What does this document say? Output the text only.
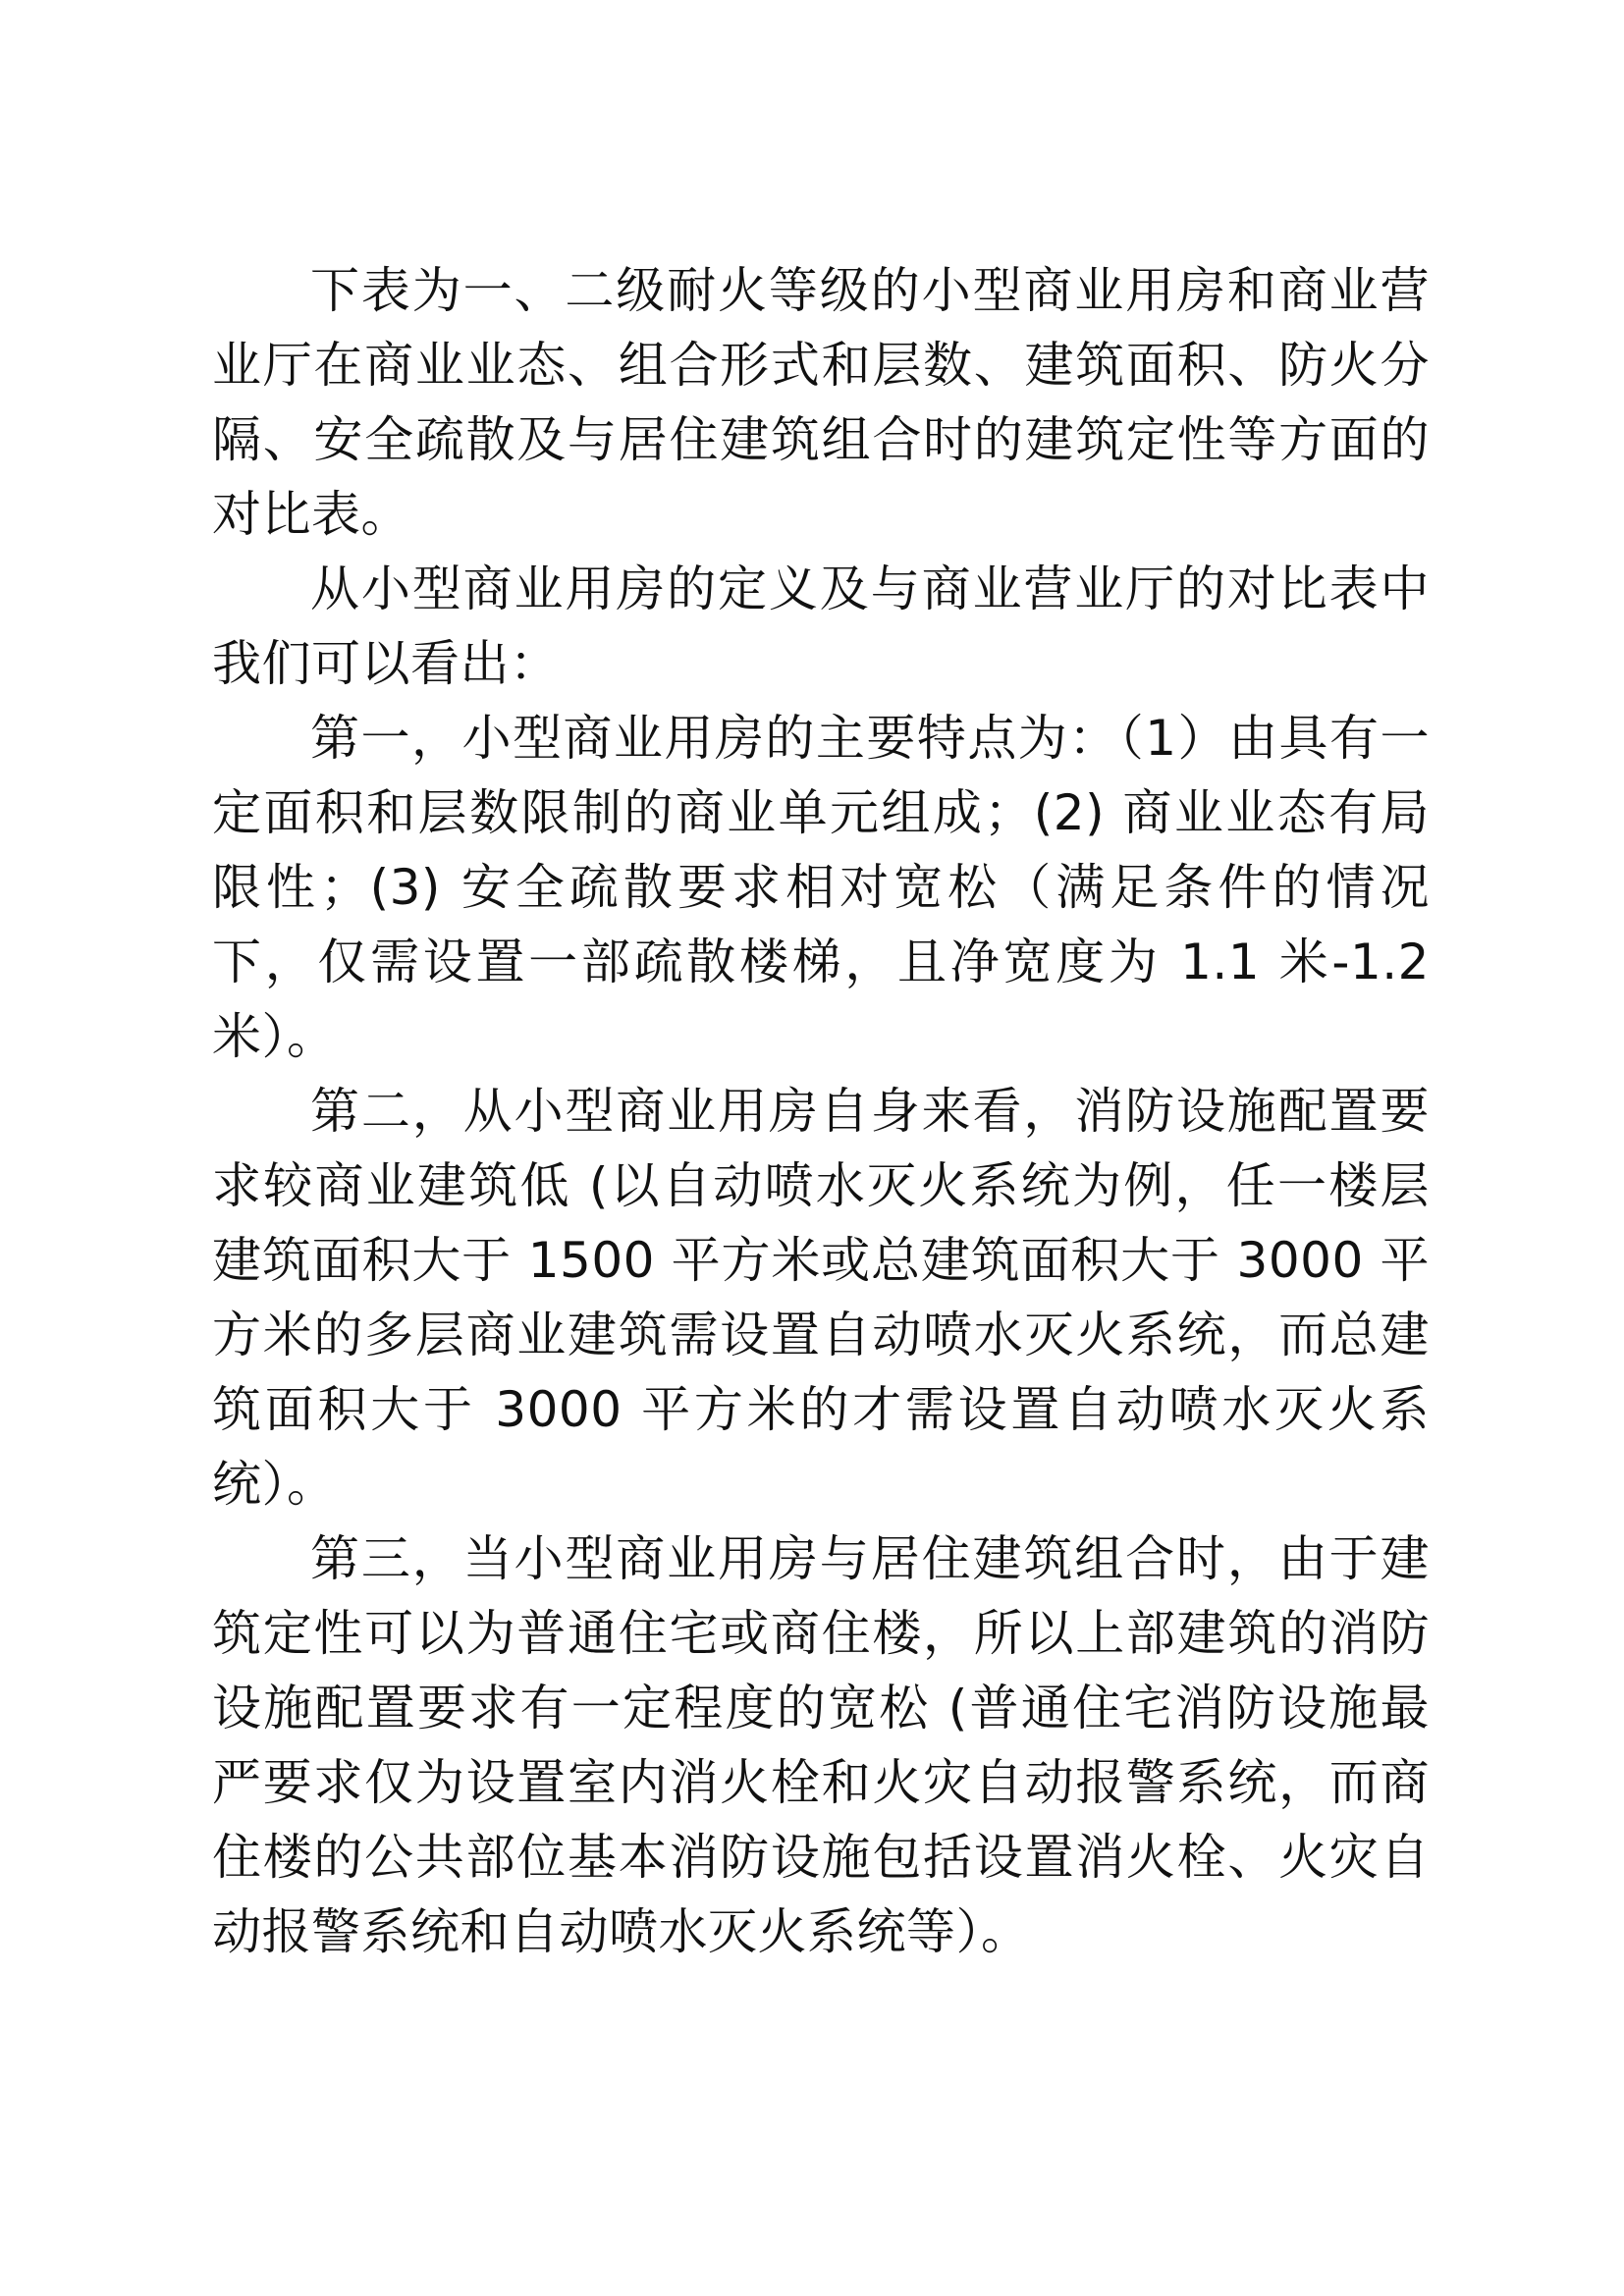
下表为一、二级耐火等级的小型商业用房和商业营业厅在商业业态、组合形式和层数、建筑面积、防火分隔、安全疏散及与居住建筑组合时的建筑定性等方面的对比表。

从小型商业用房的定义及与商业营业厅的对比表中我们可以看出：

第一，小型商业用房的主要特点为：（1）由具有一定面积和层数限制的商业单元组成；(2) 商业业态有局限性；(3) 安全疏散要求相对宽松（满足条件的情况下，仅需设置一部疏散楼梯，且净宽度为 1.1 米-1.2 米）。

第二，从小型商业用房自身来看，消防设施配置要求较商业建筑低 (以自动喷水灭火系统为例，任一楼层建筑面积大于 1500 平方米或总建筑面积大于 3000 平方米的多层商业建筑需设置自动喷水灭火系统，而总建筑面积大于 3000 平方米的才需设置自动喷水灭火系统）。

第三，当小型商业用房与居住建筑组合时，由于建筑定性可以为普通住宅或商住楼，所以上部建筑的消防设施配置要求有一定程度的宽松 (普通住宅消防设施最严要求仅为设置室内消火栓和火灾自动报警系统，而商住楼的公共部位基本消防设施包括设置消火栓、火灾自动报警系统和自动喷水灭火系统等）。
